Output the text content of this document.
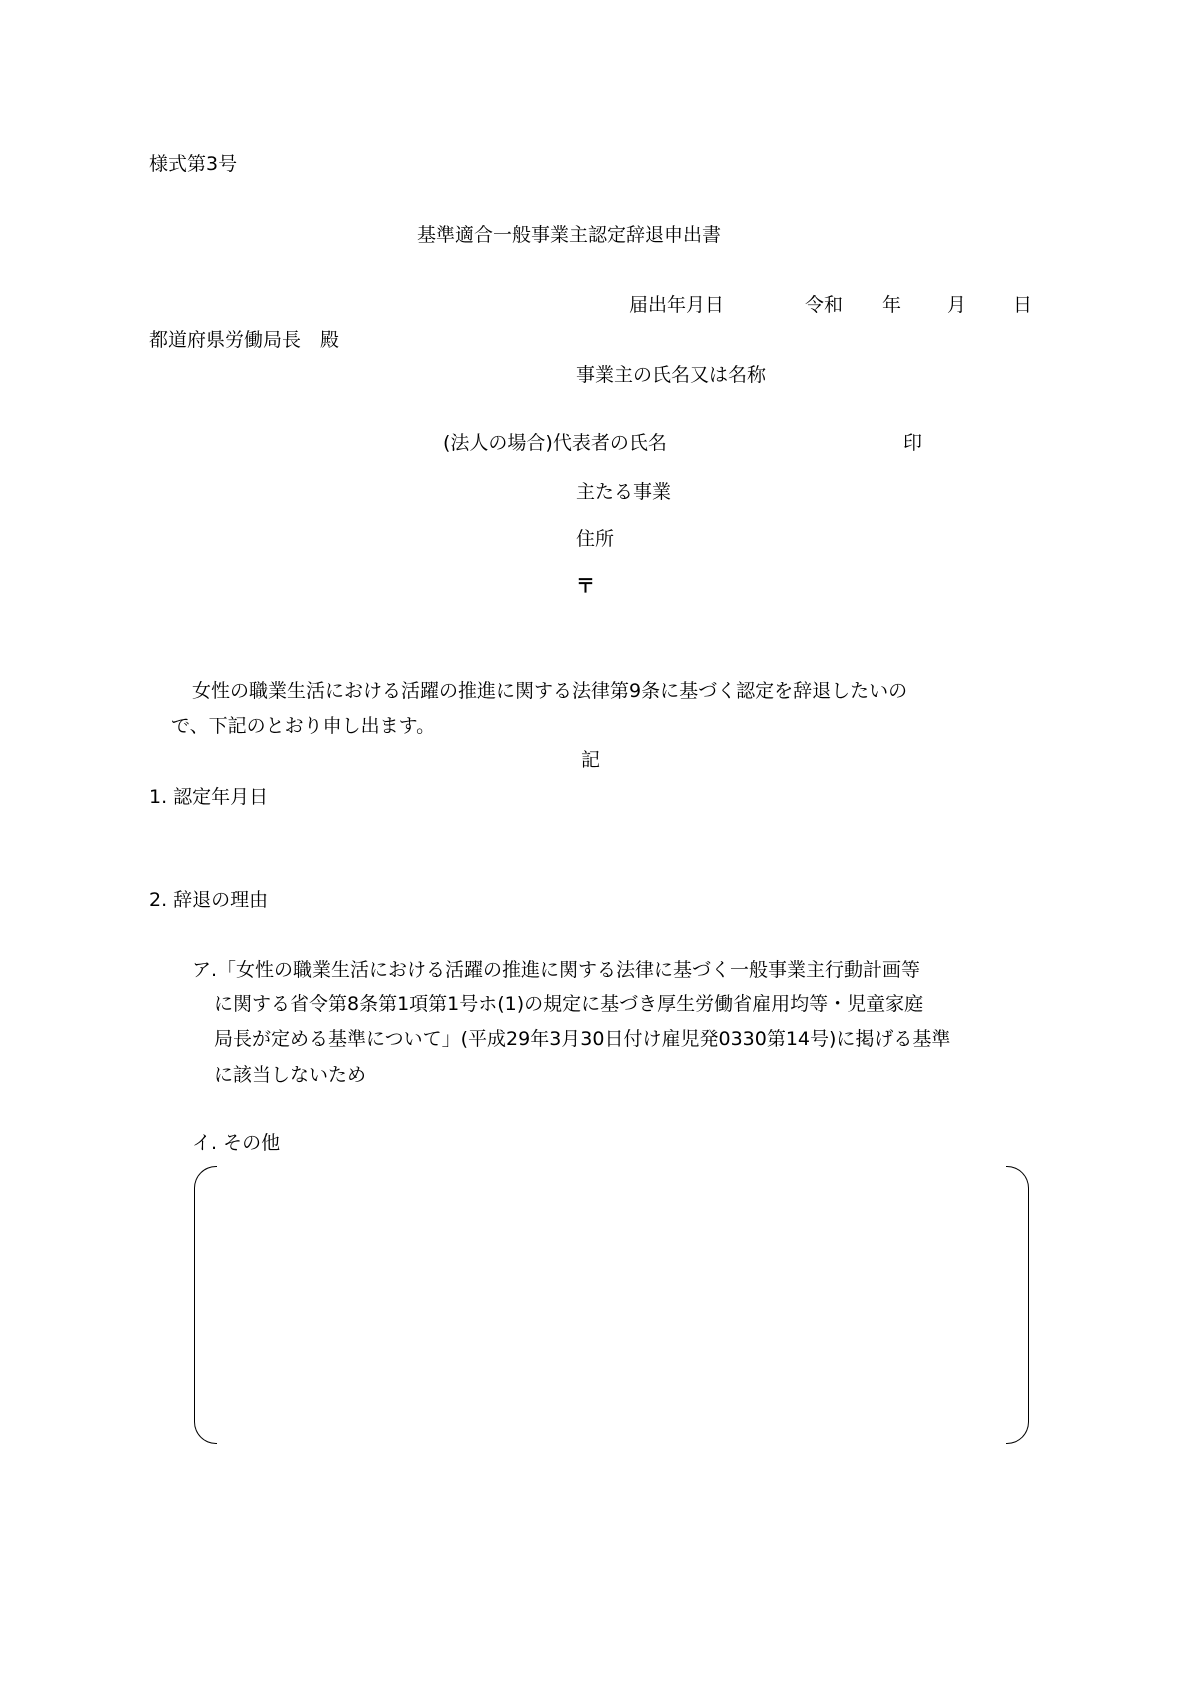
様式第3号
基準適合一般事業主認定辞退申出書
届出年月日	令和 年 月 日
都道府県労働局長　殿
事業主の氏名又は名称
(法人の場合)代表者の氏名	印
主たる事業
住所
〒
女性の職業生活における活躍の推進に関する法律第9条に基づく認定を辞退したいの
で、下記のとおり申し出ます。
記
1. 認定年月日
2. 辞退の理由
ア.「女性の職業生活における活躍の推進に関する法律に基づく一般事業主行動計画等
に関する省令第8条第1項第1号ホ(1)の規定に基づき厚生労働省雇用均等・児童家庭
局長が定める基準について」(平成29年3月30日付け雇児発0330第14号)に掲げる基準
に該当しないため
イ. その他
